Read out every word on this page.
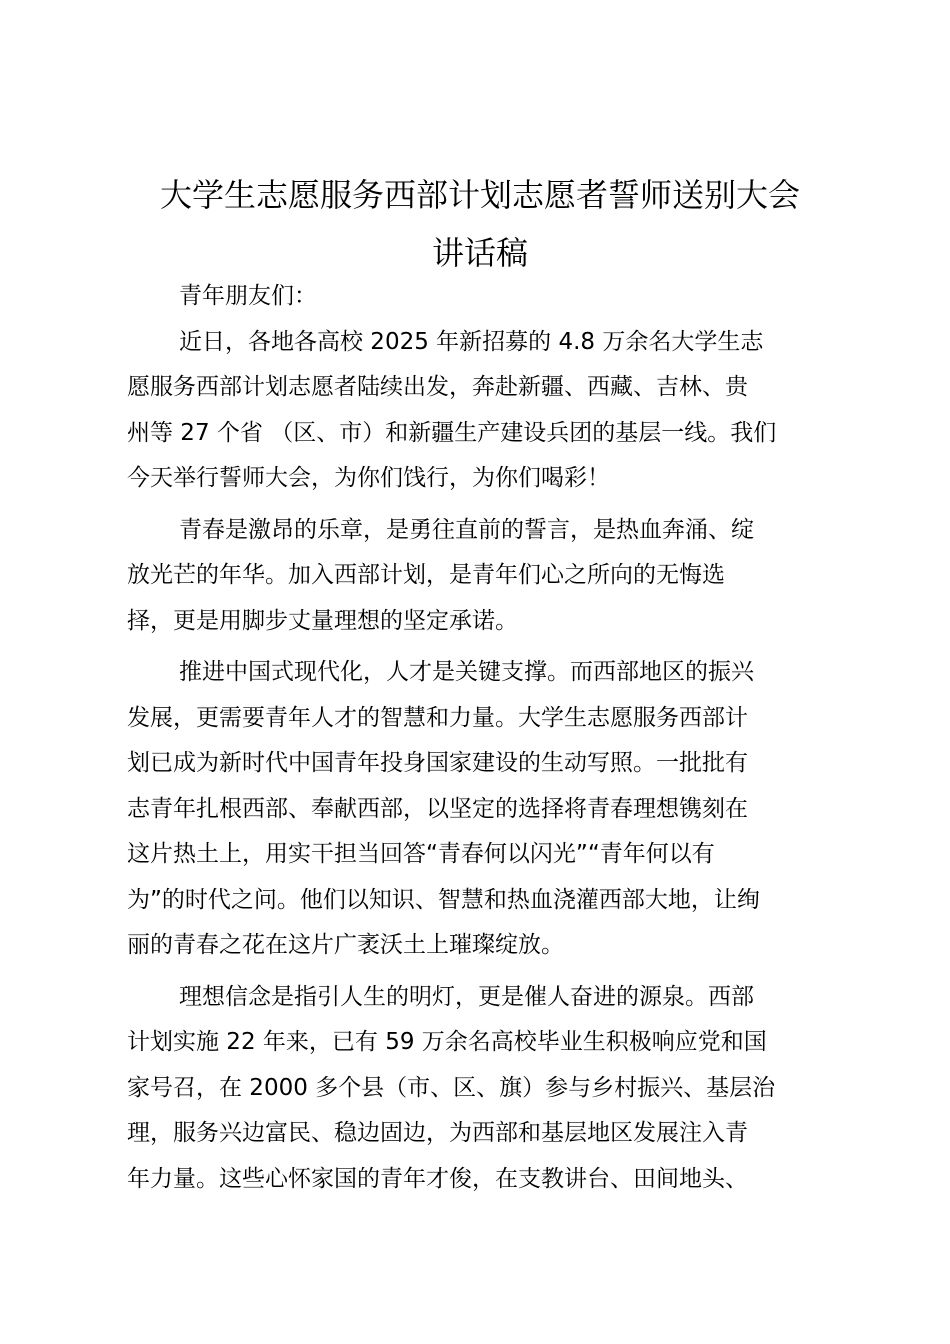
大学生志愿服务西部计划志愿者誓师送别大会
讲话稿

青年朋友们：

近日，各地各高校 2025 年新招募的 4.8 万余名大学生志
愿服务西部计划志愿者陆续出发，奔赴新疆、西藏、吉林、贵
州等 27 个省 （区、市）和新疆生产建设兵团的基层一线。我们
今天举行誓师大会，为你们饯行，为你们喝彩！

青春是激昂的乐章，是勇往直前的誓言，是热血奔涌、绽
放光芒的年华。加入西部计划，是青年们心之所向的无悔选
择，更是用脚步丈量理想的坚定承诺。

推进中国式现代化，人才是关键支撑。而西部地区的振兴
发展，更需要青年人才的智慧和力量。大学生志愿服务西部计
划已成为新时代中国青年投身国家建设的生动写照。一批批有
志青年扎根西部、奉献西部，以坚定的选择将青春理想镌刻在
这片热土上，用实干担当回答“青春何以闪光”“青年何以有
为”的时代之问。他们以知识、智慧和热血浇灌西部大地，让绚
丽的青春之花在这片广袤沃土上璀璨绽放。

理想信念是指引人生的明灯，更是催人奋进的源泉。西部
计划实施 22 年来，已有 59 万余名高校毕业生积极响应党和国
家号召，在 2000 多个县（市、区、旗）参与乡村振兴、基层治
理，服务兴边富民、稳边固边，为西部和基层地区发展注入青
年力量。这些心怀家国的青年才俊，在支教讲台、田间地头、
